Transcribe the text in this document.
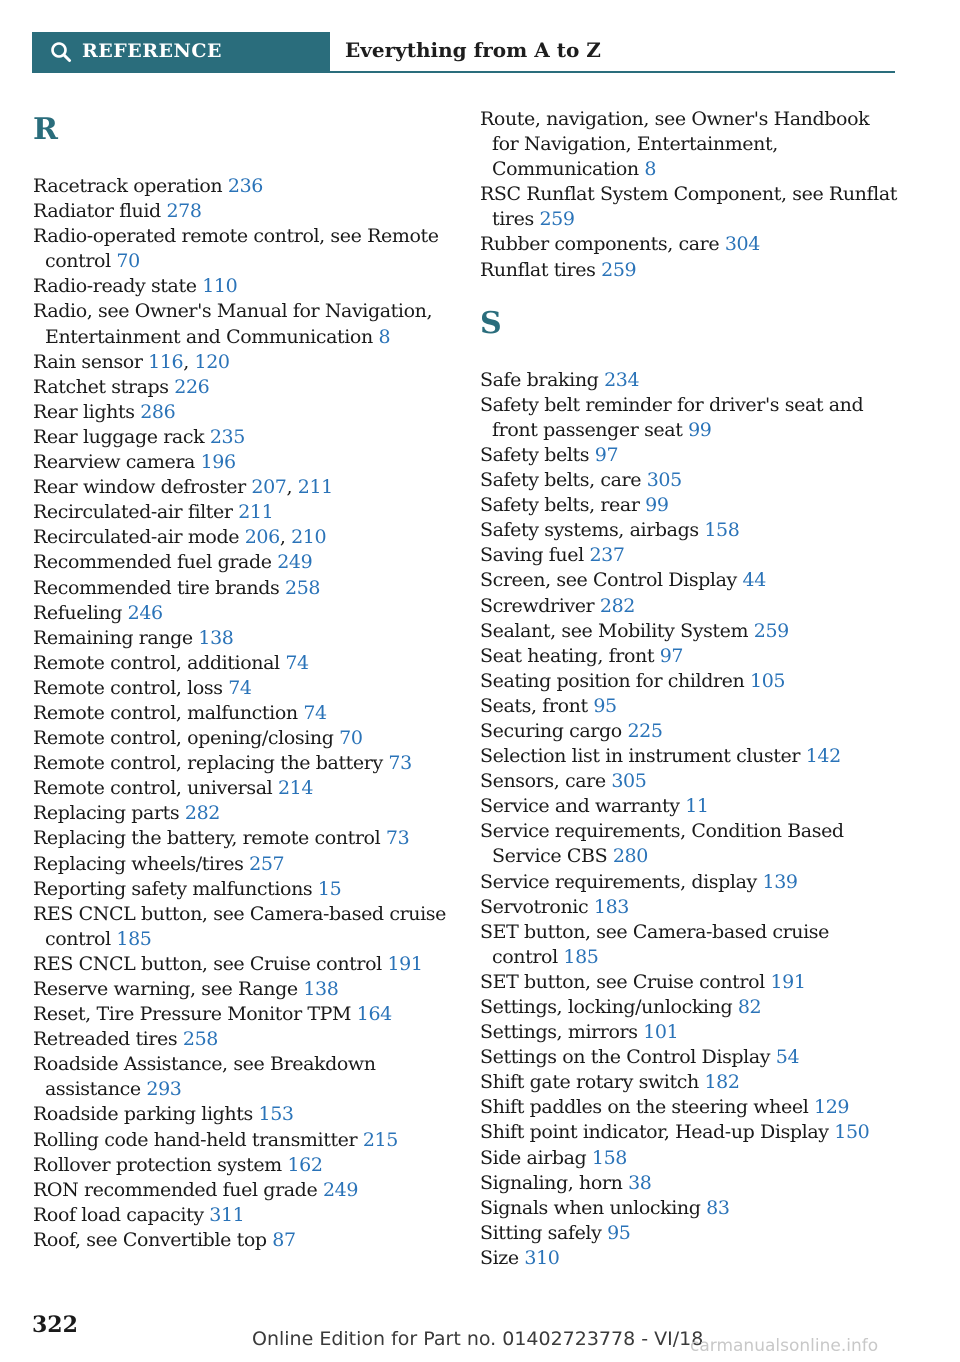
REFERENCE	Everything from A to Z
R
Racetrack operation 236
Radiator fluid 278
Radio-operated remote control, see Remote control 70
Radio-ready state 110
Radio, see Owner's Manual for Navigation, Entertainment and Communication 8
Rain sensor 116, 120
Ratchet straps 226
Rear lights 286
Rear luggage rack 235
Rearview camera 196
Rear window defroster 207, 211
Recirculated-air filter 211
Recirculated-air mode 206, 210
Recommended fuel grade 249
Recommended tire brands 258
Refueling 246
Remaining range 138
Remote control, additional 74
Remote control, loss 74
Remote control, malfunction 74
Remote control, opening/closing 70
Remote control, replacing the battery 73
Remote control, universal 214
Replacing parts 282
Replacing the battery, remote control 73
Replacing wheels/tires 257
Reporting safety malfunctions 15
RES CNCL button, see Camera-based cruise control 185
RES CNCL button, see Cruise control 191
Reserve warning, see Range 138
Reset, Tire Pressure Monitor TPM 164
Retreaded tires 258
Roadside Assistance, see Breakdown assistance 293
Roadside parking lights 153
Rolling code hand-held transmitter 215
Rollover protection system 162
RON recommended fuel grade 249
Roof load capacity 311
Roof, see Convertible top 87
Route, navigation, see Owner's Handbook for Navigation, Entertainment, Communication 8
RSC Runflat System Component, see Runflat tires 259
Rubber components, care 304
Runflat tires 259
S
Safe braking 234
Safety belt reminder for driver's seat and front passenger seat 99
Safety belts 97
Safety belts, care 305
Safety belts, rear 99
Safety systems, airbags 158
Saving fuel 237
Screen, see Control Display 44
Screwdriver 282
Sealant, see Mobility System 259
Seat heating, front 97
Seating position for children 105
Seats, front 95
Securing cargo 225
Selection list in instrument cluster 142
Sensors, care 305
Service and warranty 11
Service requirements, Condition Based Service CBS 280
Service requirements, display 139
Servotronic 183
SET button, see Camera-based cruise control 185
SET button, see Cruise control 191
Settings, locking/unlocking 82
Settings, mirrors 101
Settings on the Control Display 54
Shift gate rotary switch 182
Shift paddles on the steering wheel 129
Shift point indicator, Head-up Display 150
Side airbag 158
Signaling, horn 38
Signals when unlocking 83
Sitting safely 95
Size 310
322
Online Edition for Part no. 01402723778 - VI/18
carmanualsonline.info
